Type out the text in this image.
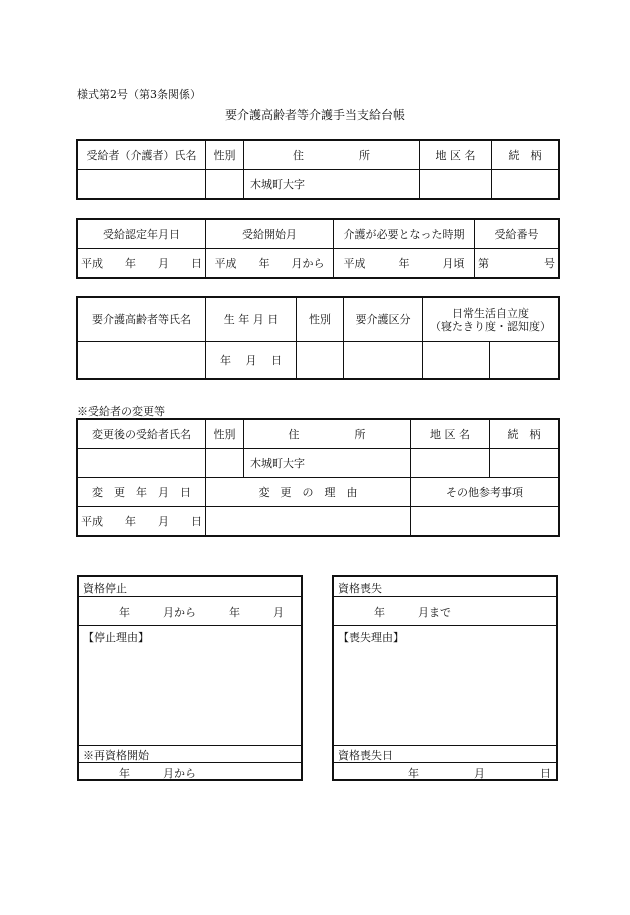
様式第2号（第3条関係）
要介護高齢者等介護手当支給台帳
受給者（介護者）氏名	性別	住　　　　　所	地 区 名	続　柄
		木城町大字		
受給認定年月日	受給開始月	介護が必要となった時期	受給番号
平成　　年　　月　　日	平成　　年　　月から	平成　　　年　　　月頃	第　　　　　号
要介護高齢者等氏名	生 年 月 日	性別	要介護区分	日常生活自立度
（寝たきり度・認知度）	

	年　 月　 日				
※受給者の変更等
変更後の受給者氏名	性別	住　　　　　所	地 区 名	続　柄
		木城町大字		
変　更　年　月　日	変　更　の　理　由		その他参考事項	
平成　　年　　月　　日				
資格停止
年　　　月から　　　年　　　月
【停止理由】
※再資格開始
年　　　月から
資格喪失
年　　　月まで
【喪失理由】
資格喪失日
年　　　　　月　　　　　日
